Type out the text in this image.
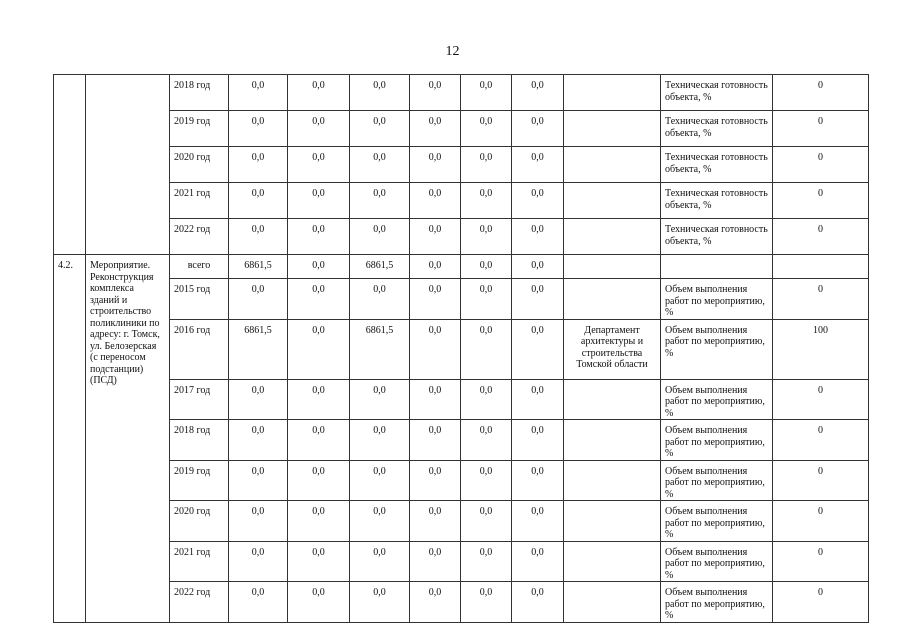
12
		2018 год	0,0	0,0	0,0	0,0	0,0	0,0		Техническая готовность объекта, %	0
		2019 год	0,0	0,0	0,0	0,0	0,0	0,0		Техническая готовность объекта, %	0
		2020 год	0,0	0,0	0,0	0,0	0,0	0,0		Техническая готовность объекта, %	0
		2021 год	0,0	0,0	0,0	0,0	0,0	0,0		Техническая готовность объекта, %	0
		2022 год	0,0	0,0	0,0	0,0	0,0	0,0		Техническая готовность объекта, %	0
4.2.	Мероприятие. Реконструкция комплекса зданий и строительство поликлиники по адресу: г. Томск, ул. Белозерская (с переносом подстанции) (ПСД)	всего	6861,5	0,0	6861,5	0,0	0,0	0,0			
		2015 год	0,0	0,0	0,0	0,0	0,0	0,0		Объем выполнения работ по мероприятию, %	0
		2016 год	6861,5	0,0	6861,5	0,0	0,0	0,0	Департамент архитектуры и строительства Томской области	Объем выполнения работ по мероприятию, %	100
		2017 год	0,0	0,0	0,0	0,0	0,0	0,0		Объем выполнения работ по мероприятию, %	0
		2018 год	0,0	0,0	0,0	0,0	0,0	0,0		Объем выполнения работ по мероприятию, %	0
		2019 год	0,0	0,0	0,0	0,0	0,0	0,0		Объем выполнения работ по мероприятию, %	0
		2020 год	0,0	0,0	0,0	0,0	0,0	0,0		Объем выполнения работ по мероприятию, %	0
		2021 год	0,0	0,0	0,0	0,0	0,0	0,0		Объем выполнения работ по мероприятию, %	0
		2022 год	0,0	0,0	0,0	0,0	0,0	0,0		Объем выполнения работ по мероприятию, %	0
